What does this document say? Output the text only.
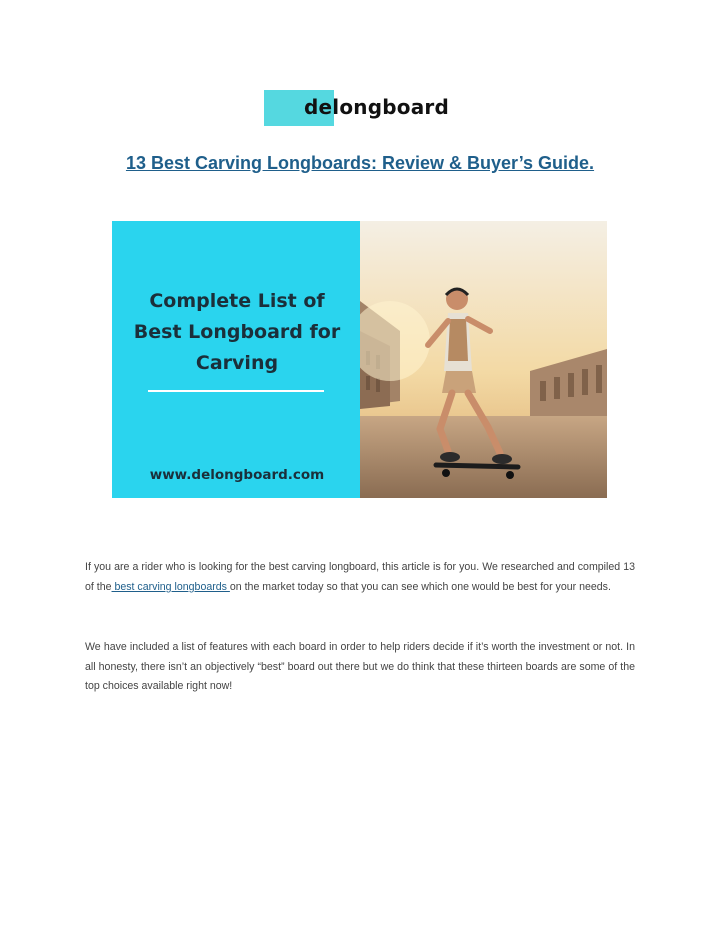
delongboard
13 Best Carving Longboards: Review & Buyer’s Guide.
Complete List of
Best Longboard for
Carving
www.delongboard.com

If you are a rider who is looking for the best carving longboard, this article is for you. We researched and compiled 13 of the best carving longboards on the market today so that you can see which one would be best for your needs.

We have included a list of features with each board in order to help riders decide if it’s worth the investment or not. In all honesty, there isn’t an objectively “best” board out there but we do think that these thirteen boards are some of the top choices available right now!
